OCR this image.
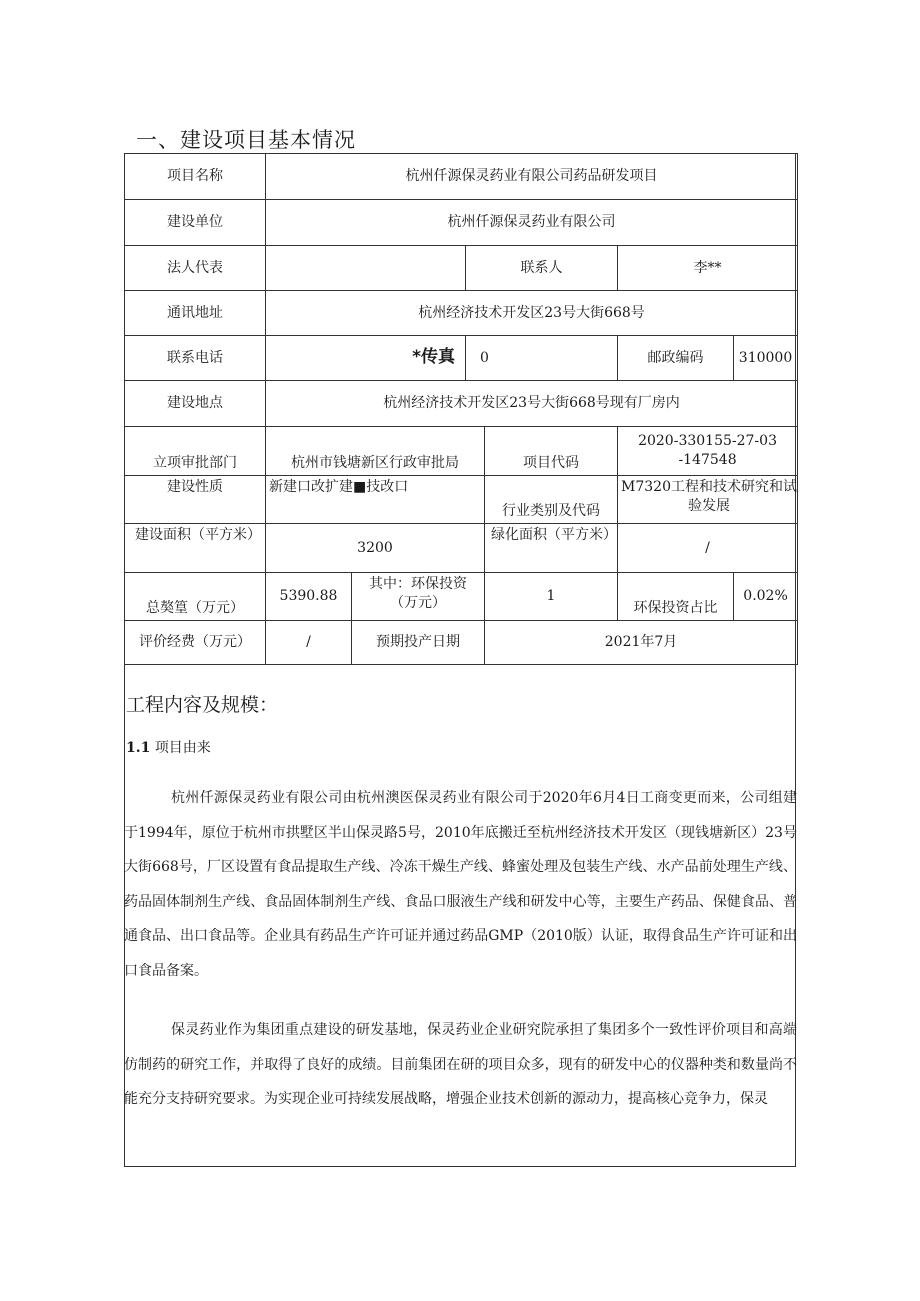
一、建设项目基本情况
项目名称	杭州仟源保灵药业有限公司药品研发项目					
建设单位	杭州仟源保灵药业有限公司					
法人代表			联系人		李**	
通讯地址	杭州经济技术开发区23号大街668号					
联系电话	*传真		0		邮政编码	310000
建设地点	杭州经济技术开发区23号大街668号现有厂房内					
立项审批部门	杭州市钱塘新区行政审批局			项目代码	2020-330155-27-03-147548	

建设性质	新建口改扩建■技改口			行业类别及代码	M7320工程和技术研究和试验发展	

建设面积（平方米）	3200			绿化面积（平方米）	/	
总獒篁（万元）	5390.88	其中：环保投资（万元）		1	环保投资占比	0.02%
评价经费（万元）	/	预期投产日期		2021年7月		
工程内容及规模：
1.1 项目由来

杭州仟源保灵药业有限公司由杭州澳医保灵药业有限公司于2020年6月4日工商变更而来，公司组建于1994年，原位于杭州市拱墅区半山保灵路5号，2010年底搬迁至杭州经济技术开发区（现钱塘新区）23号大街668号，厂区设置有食品提取生产线、冷冻干燥生产线、蜂蜜处理及包装生产线、水产品前处理生产线、药品固体制剂生产线、食品固体制剂生产线、食品口服液生产线和研发中心等，主要生产药品、保健食品、普通食品、出口食品等。企业具有药品生产许可证并通过药品GMP（2010版）认证，取得食品生产许可证和出口食品备案。

保灵药业作为集团重点建设的研发基地，保灵药业企业研究院承担了集团多个一致性评价项目和高端仿制药的研究工作，并取得了良好的成绩。目前集团在研的项目众多，现有的研发中心的仪器种类和数量尚不能充分支持研究要求。为实现企业可持续发展战略，增强企业技术创新的源动力，提高核心竞争力，保灵
